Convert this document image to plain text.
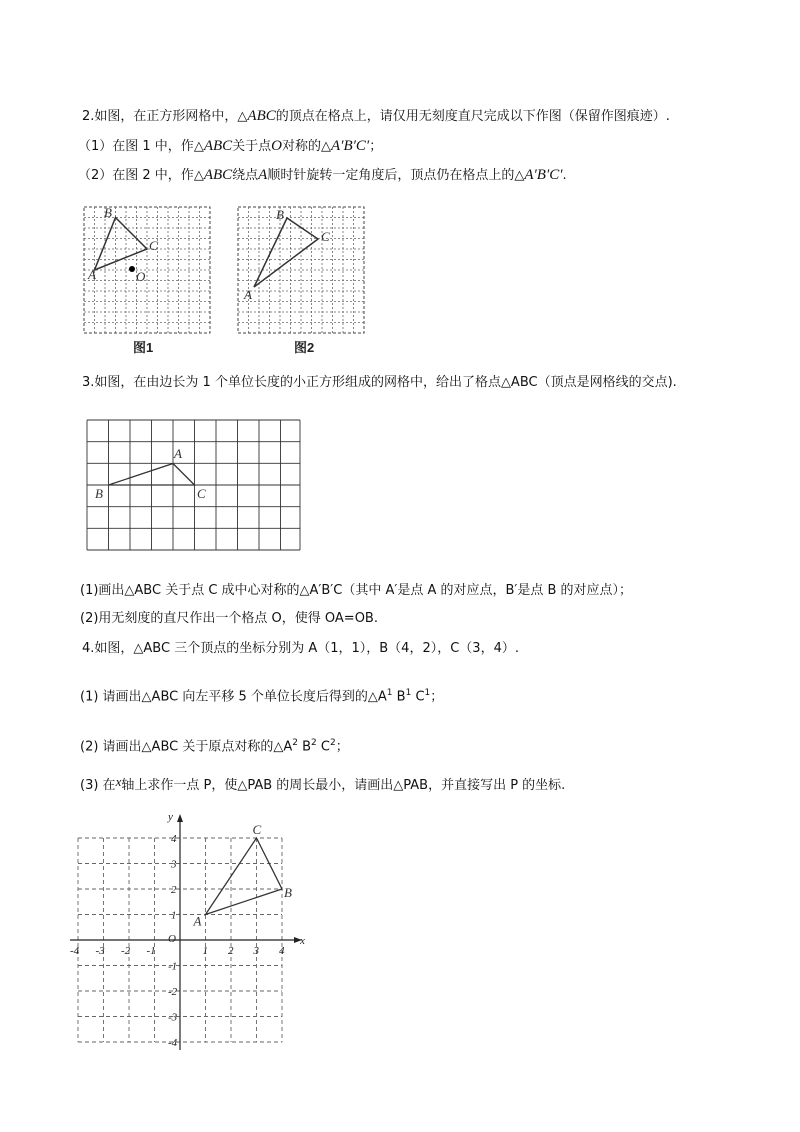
2.如图，在正方形网格中，△ABC的顶点在格点上，请仅用无刻度直尺完成以下作图（保留作图痕迹）.
（1）在图 1 中，作△ABC关于点O对称的△A′B′C′；
（2）在图 2 中，作△ABC绕点A顺时针旋转一定角度后，顶点仍在格点上的△A′B′C′.
B
C
A	O
图1
B
C
A
图2
3.如图，在由边长为 1 个单位长度的小正方形组成的网格中，给出了格点△ABC（顶点是网格线的交点).
A
B	C
(1)画出△ABC 关于点 C 成中心对称的△A′B′C（其中 A′是点 A 的对应点，B′是点 B 的对应点）；
(2)用无刻度的直尺作出一个格点 O，使得 OA=OB.
4.如图，△ABC 三个顶点的坐标分别为 A（1，1），B（4，2），C（3，4）.
(1) 请画出△ABC 向左平移 5 个单位长度后得到的$\triangle A^1$ $B^1$ $C^1$；
(2) 请画出△ABC 关于原点对称的$\triangle A^2$ $B^2$ $C^2$；
(3) 在x轴上求作一点 P，使△PAB 的周长最小，请画出△PAB，并直接写出 P 的坐标.
-4 -3 -2 -1	1 2 3 4
4
3
2
1
-1
-2
-3
-4
A
B
C
x
y
O
